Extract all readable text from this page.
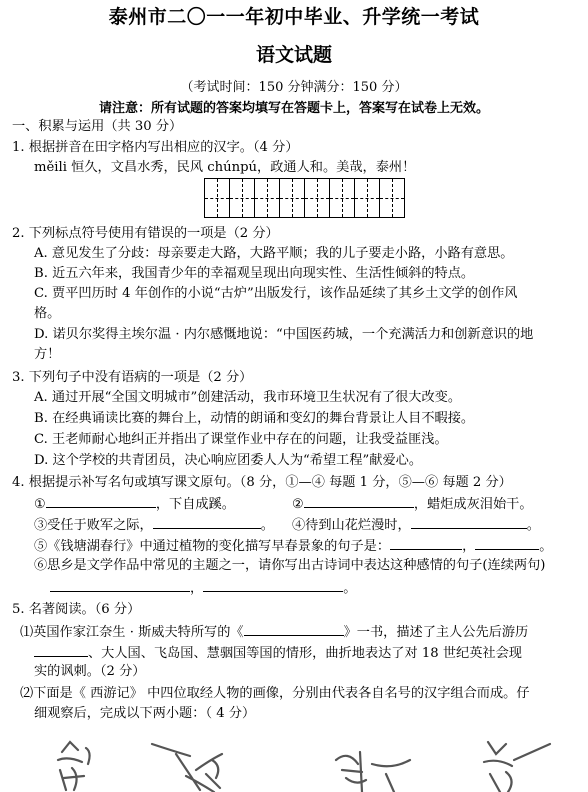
泰州市二〇一一年初中毕业、升学统一考试
语文试题
（考试时间：150 分钟满分：150 分）
请注意：所有试题的答案均填写在答题卡上，答案写在试卷上无效。
一、积累与运用（共 30 分）
1. 根据拼音在田字格内写出相应的汉字。（4 分）
měili 恒久，文昌水秀，民风 chúnpú，政通人和。美哉，泰州！
2. 下列标点符号使用有错误的一项是（2 分）
A. 意见发生了分歧：母亲要走大路，大路平顺；我的儿子要走小路，小路有意思。
B. 近五六年来，我国青少年的幸福观呈现出向现实性、生活性倾斜的特点。
C. 贾平凹历时 4 年创作的小说“古炉”出版发行，该作品延续了其乡土文学的创作风
格。
D. 诺贝尔奖得主埃尔温 · 内尔感慨地说：“中国医药城，一个充满活力和创新意识的地
方！
3. 下列句子中没有语病的一项是（2 分）
A. 通过开展“全国文明城市”创建活动，我市环境卫生状况有了很大改变。
B. 在经典诵读比赛的舞台上，动情的朗诵和变幻的舞台背景让人目不暇接。
C. 王老师耐心地纠正并指出了课堂作业中存在的问题，让我受益匪浅。
D. 这个学校的共青团员，决心响应团委人人为“希望工程”献爱心。
4. 根据提示补写名句或填写课文原句。（8 分，①—④ 每题 1 分，⑤—⑥ 每题 2 分）
①	，下自成蹊。	②	，蜡炬成灰泪始干。
③受任于败军之际，	。 ④待到山花烂漫时，	。
⑤《钱塘湖春行》中通过植物的变化描写早春景象的句子是：	，	。
⑥思乡是文学作品中常见的主题之一，请你写出古诗词中表达这种感情的句子(连续两句)
，	。
5. 名著阅读。（6 分）
⑴英国作家江奈生 · 斯威夫特所写的《	》一书，描述了主人公先后游历
、大人国、飞岛国、慧骃国等国的情形，曲折地表达了对 18 世纪英社会现
实的讽刺。（2 分）
⑵下面是《 西游记》 中四位取经人物的画像，分别由代表各自名号的汉字组合而成。仔
细观察后，完成以下两小题：（ 4 分）
